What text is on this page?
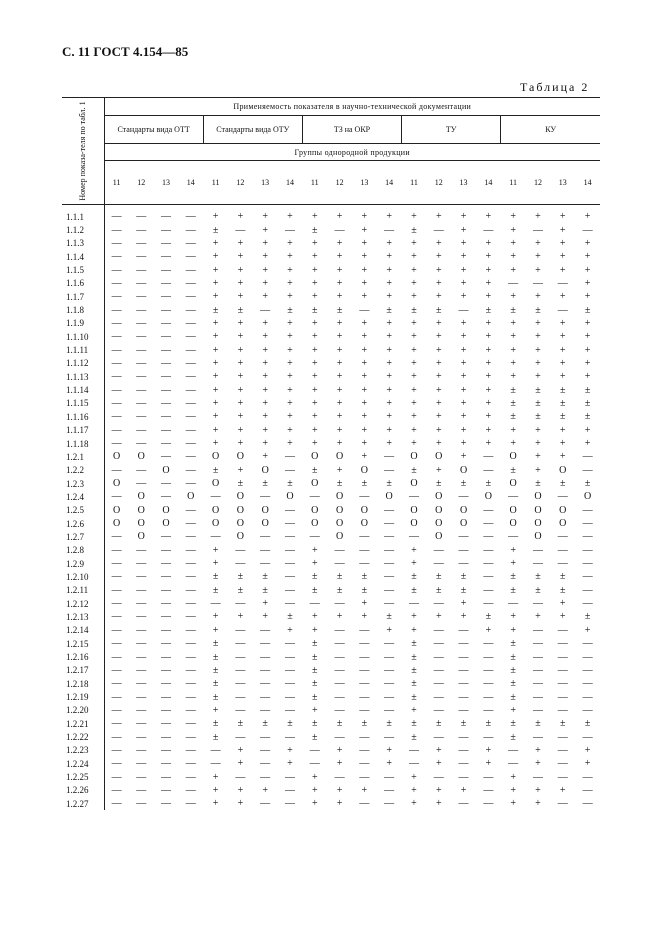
С. 11 ГОСТ 4.154—85
Таблица 2
Номер показа-теля по табл. 1	Применяемость показателя в научно-технической документации																			
	Стандарты вида ОТТ				Стандарты вида ОТУ				ТЗ на ОКР				ТУ				КУ			
	Группы однородной продукции																			
	11	12	13	14	11	12	13	14	11	12	13	14	11	12	13	14	11	12	13	14

1.1.1	—	—	—	—	+	+	+	+	+	+	+	+	+	+	+	+	+	+	+	+
1.1.2	—	—	—	—	±	—	+	—	±	—	+	—	±	—	+	—	+	—	+	—
1.1.3	—	—	—	—	+	+	+	+	+	+	+	+	+	+	+	+	+	+	+	+
1.1.4	—	—	—	—	+	+	+	+	+	+	+	+	+	+	+	+	+	+	+	+
1.1.5	—	—	—	—	+	+	+	+	+	+	+	+	+	+	+	+	+	+	+	+
1.1.6	—	—	—	—	+	+	+	+	+	+	+	+	+	+	+	+	—	—	—	+
1.1.7	—	—	—	—	+	+	+	+	+	+	+	+	+	+	+	+	+	+	+	+
1.1.8	—	—	—	—	±	±	—	±	±	±	—	±	±	±	—	±	±	±	—	±
1.1.9	—	—	—	—	+	+	+	+	+	+	+	+	+	+	+	+	+	+	+	+
1.1.10	—	—	—	—	+	+	+	+	+	+	+	+	+	+	+	+	+	+	+	+
1.1.11	—	—	—	—	+	+	+	+	+	+	+	+	+	+	+	+	+	+	+	+
1.1.12	—	—	—	—	+	+	+	+	+	+	+	+	+	+	+	+	+	+	+	+
1.1.13	—	—	—	—	+	+	+	+	+	+	+	+	+	+	+	+	+	+	+	+
1.1.14	—	—	—	—	+	+	+	+	+	+	+	+	+	+	+	+	±	±	±	±
1.1.15	—	—	—	—	+	+	+	+	+	+	+	+	+	+	+	+	±	±	±	±
1.1.16	—	—	—	—	+	+	+	+	+	+	+	+	+	+	+	+	±	±	±	±
1.1.17	—	—	—	—	+	+	+	+	+	+	+	+	+	+	+	+	+	+	+	+
1.1.18	—	—	—	—	+	+	+	+	+	+	+	+	+	+	+	+	+	+	+	+
1.2.1	O	O	—	—	O	O	+	—	O	O	+	—	O	O	+	—	O	+	+	—
1.2.2	—	—	O	—	±	+	O	—	±	+	O	—	±	+	O	—	±	+	O	—
1.2.3	O	—	—	—	O	±	±	±	O	±	±	±	O	±	±	±	O	±	±	±
1.2.4	—	O	—	O	—	O	—	O	—	O	—	O	—	O	—	O	—	O	—	O
1.2.5	O	O	O	—	O	O	O	—	O	O	O	—	O	O	O	—	O	O	O	—
1.2.6	O	O	O	—	O	O	O	—	O	O	O	—	O	O	O	—	O	O	O	—
1.2.7	—	O	—	—	—	O	—	—	—	O	—	—	—	O	—	—	—	O	—	—
1.2.8	—	—	—	—	+	—	—	—	+	—	—	—	+	—	—	—	+	—	—	—
1.2.9	—	—	—	—	+	—	—	—	+	—	—	—	+	—	—	—	+	—	—	—
1.2.10	—	—	—	—	±	±	±	—	±	±	±	—	±	±	±	—	±	±	±	—
1.2.11	—	—	—	—	±	±	±	—	±	±	±	—	±	±	±	—	±	±	±	—
1.2.12	—	—	—	—	—	—	+	—	—	—	+	—	—	—	+	—	—	—	+	—
1.2.13	—	—	—	—	+	+	+	±	+	+	+	±	+	+	+	±	+	+	+	±
1.2.14	—	—	—	—	+	—	—	+	+	—	—	+	+	—	—	+	+	—	—	+
1.2.15	—	—	—	—	±	—	—	—	±	—	—	—	±	—	—	—	±	—	—	—
1.2.16	—	—	—	—	±	—	—	—	±	—	—	—	±	—	—	—	±	—	—	—
1.2.17	—	—	—	—	±	—	—	—	±	—	—	—	±	—	—	—	±	—	—	—
1.2.18	—	—	—	—	±	—	—	—	±	—	—	—	±	—	—	—	±	—	—	—
1.2.19	—	—	—	—	±	—	—	—	±	—	—	—	±	—	—	—	±	—	—	—
1.2.20	—	—	—	—	+	—	—	—	+	—	—	—	+	—	—	—	+	—	—	—
1.2.21	—	—	—	—	±	±	±	±	±	±	±	±	±	±	±	±	±	±	±	±
1.2.22	—	—	—	—	±	—	—	—	±	—	—	—	±	—	—	—	±	—	—	—
1.2.23	—	—	—	—	—	+	—	+	—	+	—	+	—	+	—	+	—	+	—	+
1.2.24	—	—	—	—	—	+	—	+	—	+	—	+	—	+	—	+	—	+	—	+
1.2.25	—	—	—	—	+	—	—	—	+	—	—	—	+	—	—	—	+	—	—	—
1.2.26	—	—	—	—	+	+	+	—	+	+	+	—	+	+	+	—	+	+	+	—
1.2.27	—	—	—	—	+	+	—	—	+	+	—	—	+	+	—	—	+	+	—	—
